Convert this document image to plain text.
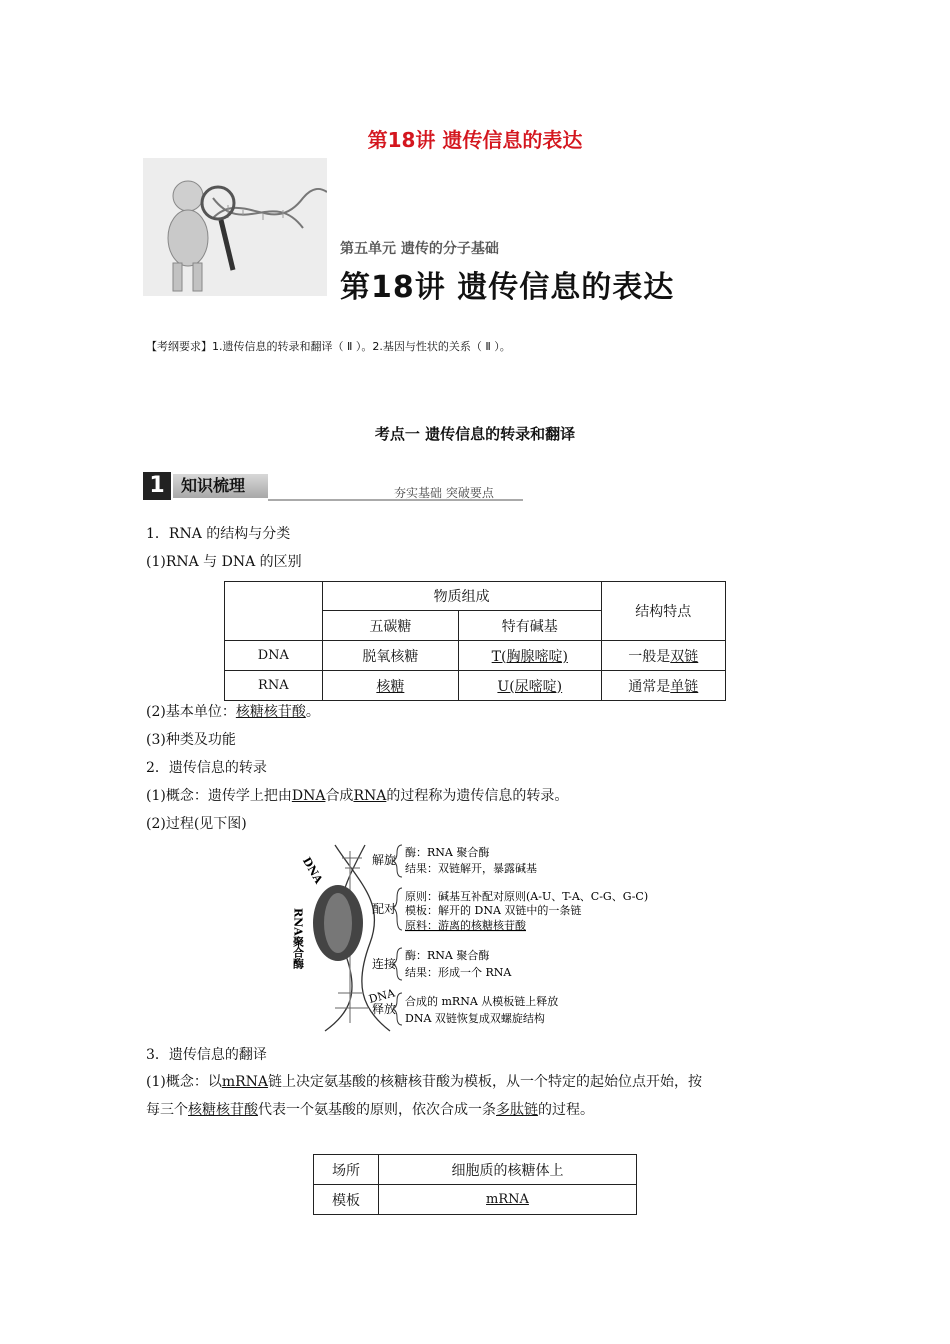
第18讲 遗传信息的表达
第五单元 遗传的分子基础
第18讲 遗传信息的表达
【考纲要求】1.遗传信息的转录和翻译（ Ⅱ ）。2.基因与性状的关系（ Ⅱ ）。
考点一 遗传信息的转录和翻译
1	知识梳理	夯实基础 突破要点
1．RNA 的结构与分类
(1)RNA 与 DNA 的区别
	物质组成		结构特点
	五碳糖	特有碱基	
DNA	脱氧核糖	T(胸腺嘧啶)	一般是双链
RNA	核糖	U(尿嘧啶)	通常是单链
(2)基本单位：核糖核苷酸。
(3)种类及功能
2．遗传信息的转录
(1)概念：遗传学上把由DNA合成RNA的过程称为遗传信息的转录。
(2)过程(见下图)
DNA
RNA聚合酶
DNA
解旋
酶：RNA 聚合酶
结果：双链解开，暴露碱基
配对
原则：碱基互补配对原则(A-U、T-A、C-G、G-C)
模板：解开的 DNA 双链中的一条链
原料：游离的核糖核苷酸
连接
酶：RNA 聚合酶
结果：形成一个 RNA
释放
合成的 mRNA 从模板链上释放
DNA 双链恢复成双螺旋结构
3．遗传信息的翻译
(1)概念：以mRNA链上决定氨基酸的核糖核苷酸为模板，从一个特定的起始位点开始，按
每三个核糖核苷酸代表一个氨基酸的原则，依次合成一条多肽链的过程。
场所	细胞质的核糖体上
模板	mRNA
